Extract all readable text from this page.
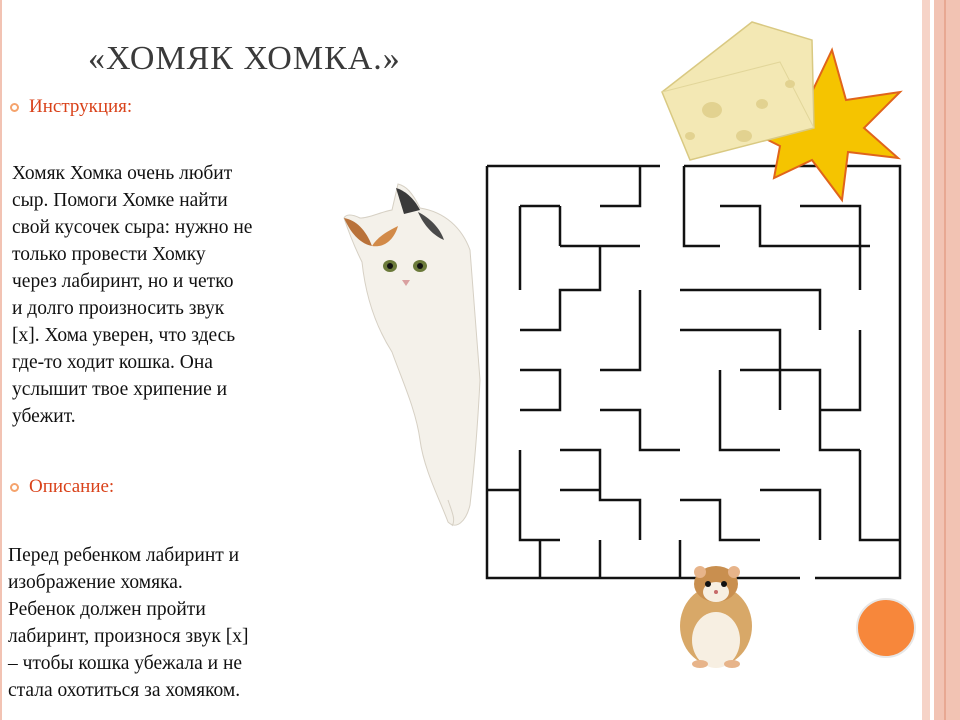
«ХОМЯК ХОМКА.»
Инструкция:
Хомяк Хомка очень любит
сыр. Помоги Хомке найти
свой кусочек сыра: нужно не
только провести Хомку
через лабиринт, но и четко
и долго произносить звук
[х]. Хома уверен, что здесь
где-то ходит кошка. Она
услышит твое хрипение и
убежит.
Описание:
Перед ребенком лабиринт и
изображение хомяка.
Ребенок должен пройти
лабиринт, произнося звук [х]
– чтобы кошка убежала и не
стала охотиться за хомяком.
